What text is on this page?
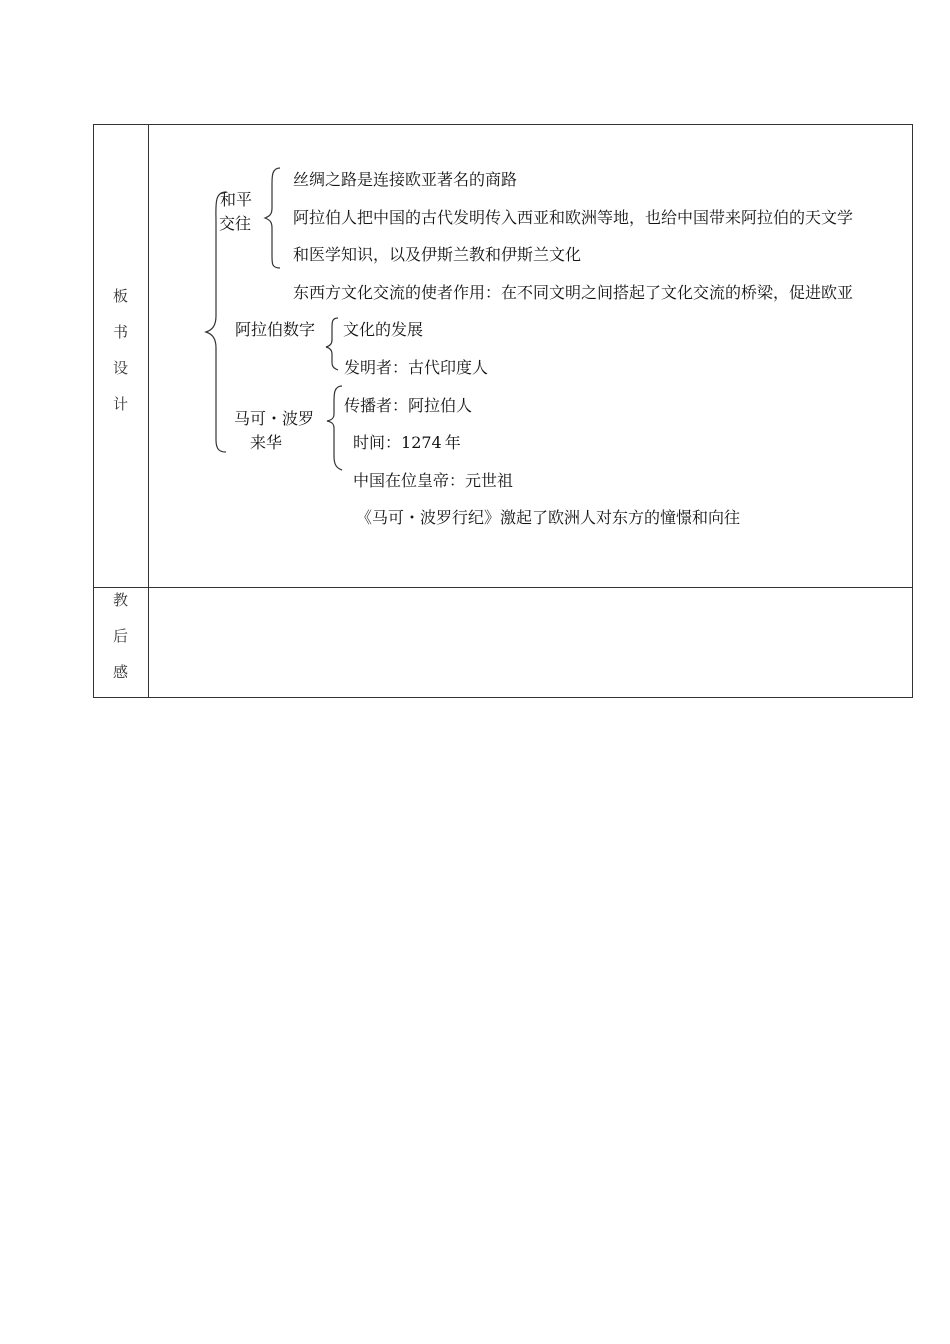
板
书
设
计
教
后
感
和平
交往
丝绸之路是连接欧亚著名的商路
阿拉伯人把中国的古代发明传入西亚和欧洲等地，也给中国带来阿拉伯的天文学
和医学知识，以及伊斯兰教和伊斯兰文化
东西方文化交流的使者作用：在不同文明之间搭起了文化交流的桥梁，促进欧亚
阿拉伯数字 文化的发展
发明者：古代印度人
传播者：阿拉伯人
马可・波罗
来华	时间：1274 年
中国在位皇帝：元世祖
《马可・波罗行纪》激起了欧洲人对东方的憧憬和向往
